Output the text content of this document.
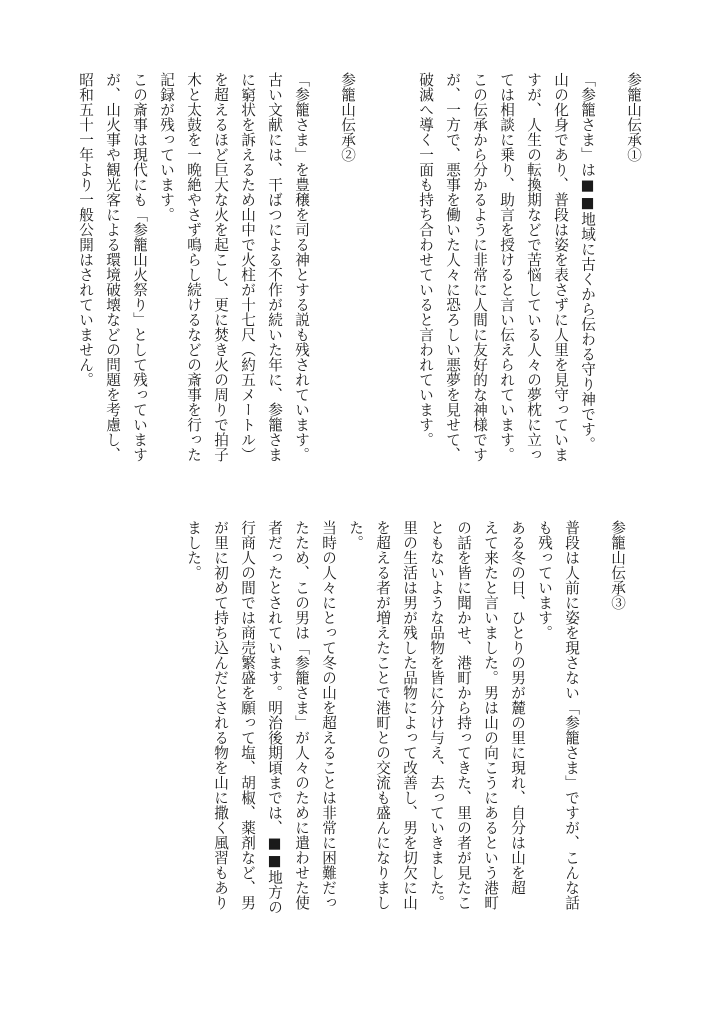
参籠山伝承①
「参籠さま」は■■地域に古くから伝わる守り神です。
山の化身であり、普段は姿を表さずに人里を見守っていま
すが、人生の転換期などで苦悩している人々の夢枕に立っ
ては相談に乗り、助言を授けると言い伝えられています。
この伝承から分かるように非常に人間に友好的な神様です
が、一方で、悪事を働いた人々に恐ろしい悪夢を見せて、
破滅へ導く一面も持ち合わせていると言われています。
参籠山伝承②
「参籠さま」を豊穣を司る神とする説も残されています。
古い文献には、干ばつによる不作が続いた年に、参籠さま
に窮状を訴えるため山中で火柱が十七尺（約五メートル）
を超えるほど巨大な火を起こし、更に焚き火の周りで拍子
木と太鼓を一晩絶やさず鳴らし続けるなどの斎事を行った
記録が残っています。
この斎事は現代にも「参籠山火祭り」として残っています
が、山火事や観光客による環境破壊などの問題を考慮し、
昭和五十一年より一般公開はされていません。
参籠山伝承③
普段は人前に姿を現さない「参籠さま」ですが、こんな話
も残っています。
ある冬の日、ひとりの男が麓の里に現れ、自分は山を超
えて来たと言いました。男は山の向こうにあるという港町
の話を皆に聞かせ、港町から持ってきた、里の者が見たこ
ともないような品物を皆に分け与え、去っていきました。
里の生活は男が残した品物によって改善し、男を切欠に山
を超える者が増えたことで港町との交流も盛んになりまし
た。
当時の人々にとって冬の山を超えることは非常に困難だっ
たため、この男は「参籠さま」が人々のために遣わせた使
者だったとされています。明治後期頃までは、■■地方の
行商人の間では商売繁盛を願って塩、胡椒、薬剤など、男
が里に初めて持ち込んだとされる物を山に撒く風習もあり
ました。
